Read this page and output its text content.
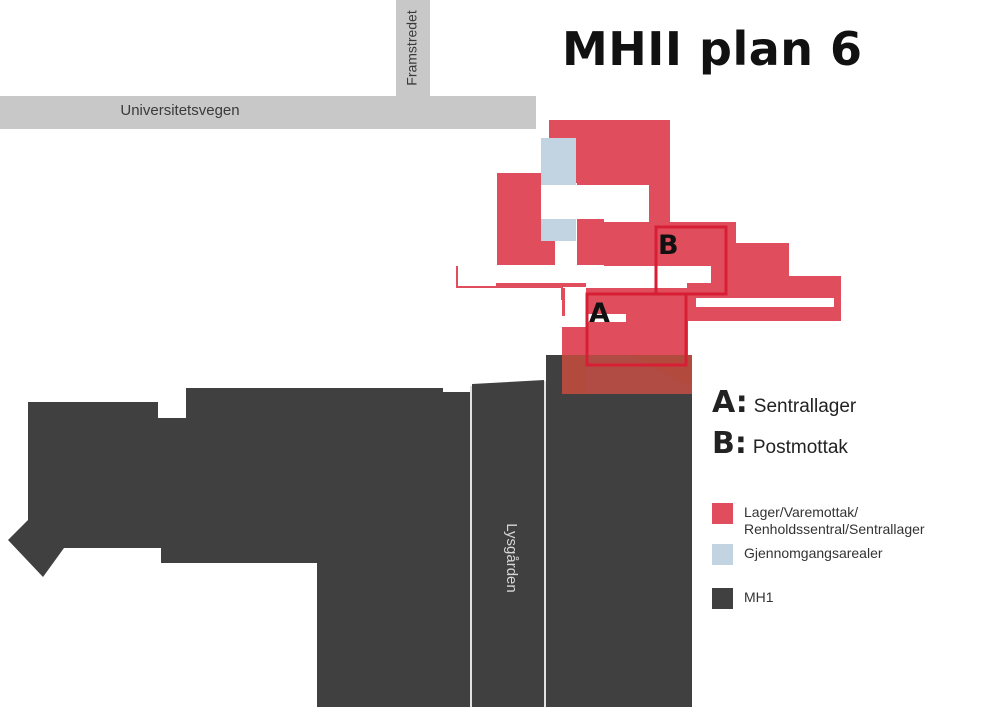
Universitetsvegen
Framstredet
Lysgården
B
A
MHII plan 6
A: Sentrallager
B: Postmottak
Lager/Varemottak/
Renholdssentral/Sentrallager
Gjennomgangsarealer
MH1
